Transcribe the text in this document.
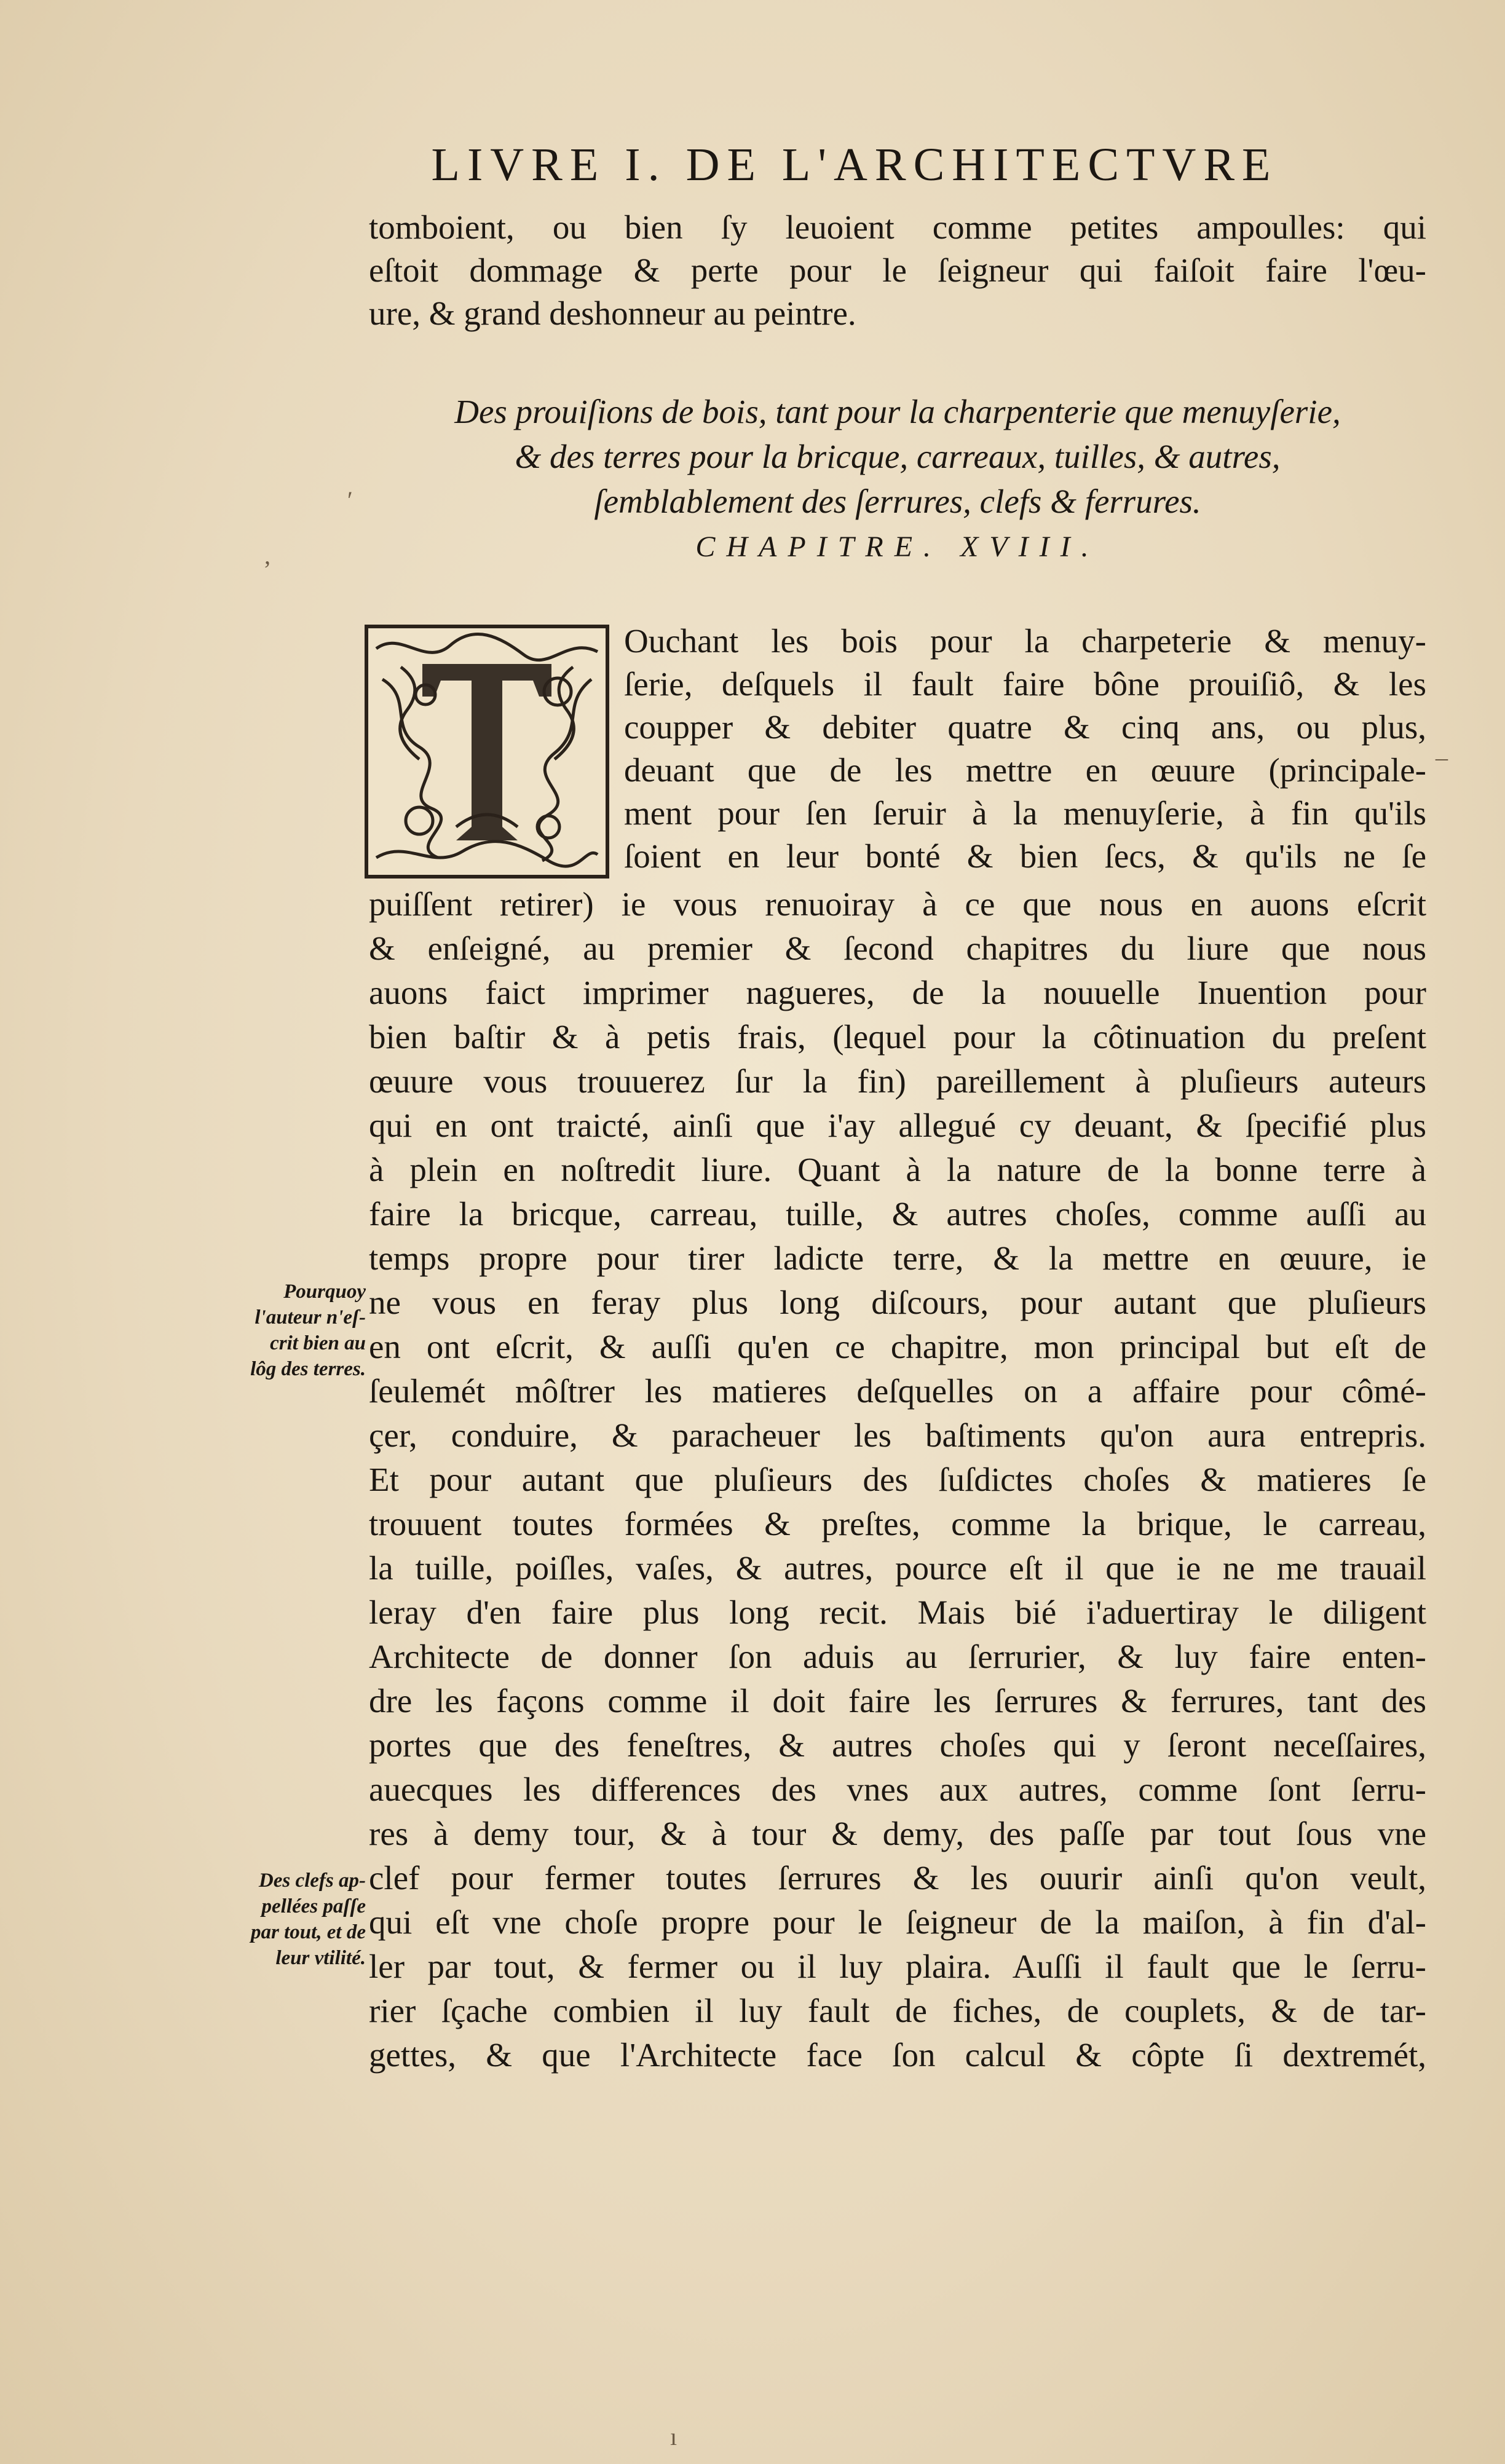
LIVRE I. DE L'ARCHITECTVRE
tomboient, ou bien ſy leuoient comme petites ampoulles: qui
eſtoit dommage & perte pour le ſeigneur qui faiſoit faire l'œu-
ure, & grand deshonneur au peintre.
Des prouiſions de bois, tant pour la charpenterie que menuyſerie,
& des terres pour la bricque, carreaux, tuilles, & autres,
ſemblablement des ſerrures, clefs & ferrures.
CHAPITRE. XVIII.
Ouchant les bois pour la charpeterie & menuy-
ſerie, deſquels il fault faire bône prouiſiô, & les
coupper & debiter quatre & cinq ans, ou plus,
deuant que de les mettre en œuure (principale-
ment pour ſen ſeruir à la menuyſerie, à fin qu'ils
ſoient en leur bonté & bien ſecs, & qu'ils ne ſe
puiſſent retirer) ie vous renuoiray à ce que nous en auons eſcrit
& enſeigné, au premier & ſecond chapitres du liure que nous
auons faict imprimer nagueres, de la nouuelle Inuention pour
bien baſtir & à petis frais, (lequel pour la côtinuation du preſent
œuure vous trouuerez ſur la fin) pareillement à pluſieurs auteurs
qui en ont traicté, ainſi que i'ay allegué cy deuant, & ſpecifié plus
à plein en noſtredit liure. Quant à la nature de la bonne terre à
faire la bricque, carreau, tuille, & autres choſes, comme auſſi au
temps propre pour tirer ladicte terre, & la mettre en œuure, ie
ne vous en feray plus long diſcours, pour autant que pluſieurs
en ont eſcrit, & auſſi qu'en ce chapitre, mon principal but eſt de
ſeulemét môſtrer les matieres deſquelles on a affaire pour cômé-
çer, conduire, & paracheuer les baſtiments qu'on aura entrepris.
Et pour autant que pluſieurs des ſuſdictes choſes & matieres ſe
trouuent toutes formées & preſtes, comme la brique, le carreau,
la tuille, poiſles, vaſes, & autres, pource eſt il que ie ne me trauail
leray d'en faire plus long recit. Mais bié i'aduertiray le diligent
Architecte de donner ſon aduis au ſerrurier, & luy faire enten-
dre les façons comme il doit faire les ſerrures & ferrures, tant des
portes que des feneſtres, & autres choſes qui y ſeront neceſſaires,
auecques les differences des vnes aux autres, comme ſont ſerru-
res à demy tour, & à tour & demy, des paſſe par tout ſous vne
clef pour fermer toutes ſerrures & les ouurir ainſi qu'on veult,
qui eſt vne choſe propre pour le ſeigneur de la maiſon, à fin d'al-
ler par tout, & fermer ou il luy plaira. Auſſi il fault que le ſerru-
rier ſçache combien il luy fault de fiches, de couplets, & de tar-
gettes, & que l'Architecte face ſon calcul & côpte ſi dextremét,
Pourquoy
l'auteur n'eſ-
crit bien au
lôg des terres.
Des clefs ap-
pellées paſſe
par tout, et de
leur vtilité.
′
,
_
ı
